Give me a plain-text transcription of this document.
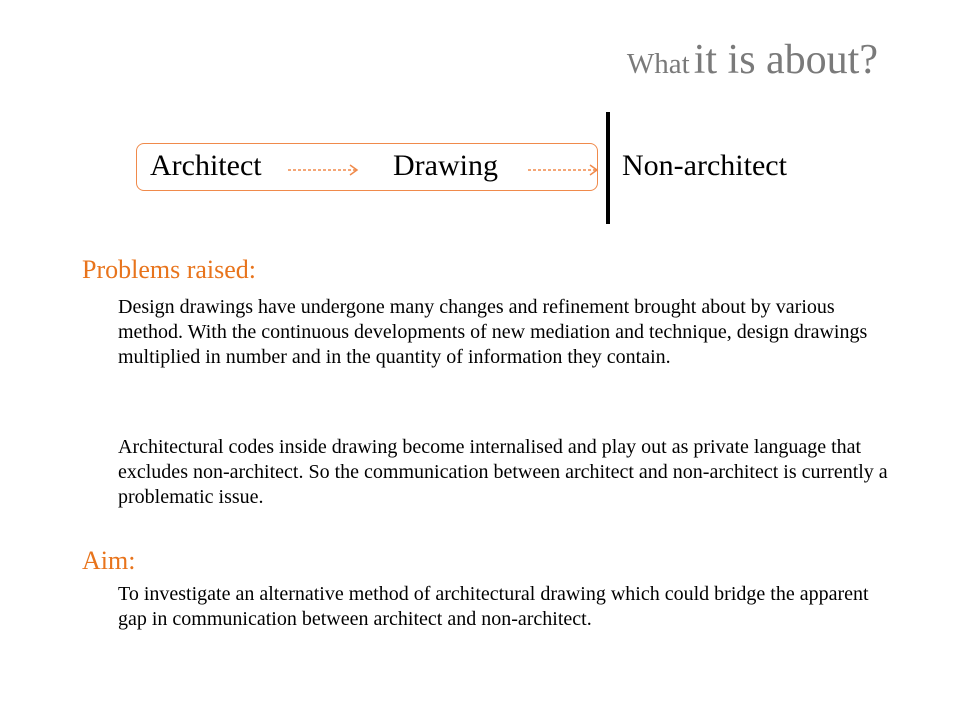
What it is about?
Architect	Drawing	Non-architect
Problems raised:

Design drawings have undergone many changes and refinement brought about by various method. With the continuous developments of new mediation and technique, design drawings multiplied in number and in the quantity of information they contain.

Architectural codes inside drawing become internalised and play out as private language that excludes non-architect. So the communication between architect and non-architect is currently a problematic issue.

Aim:

To investigate an alternative method of architectural drawing which could bridge the apparent gap in communication between architect and non-architect.
